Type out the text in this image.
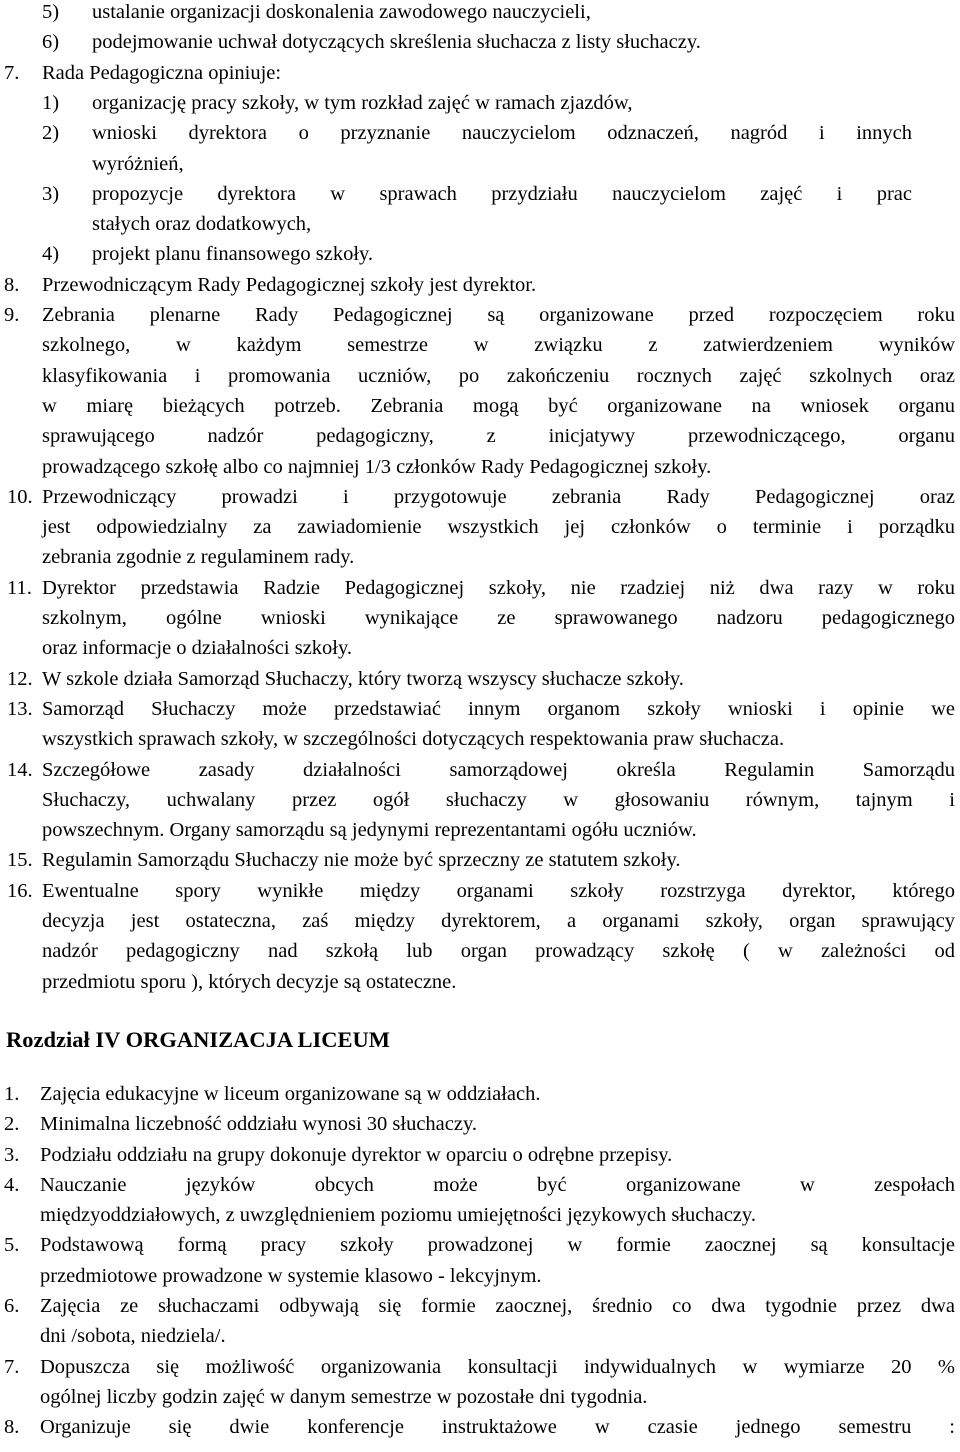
5) ustalanie organizacji doskonalenia zawodowego nauczycieli,
6) podejmowanie uchwał dotyczących skreślenia słuchacza z listy słuchaczy.
7. Rada Pedagogiczna opiniuje:
1) organizację pracy szkoły, w tym rozkład zajęć w ramach zjazdów,
2) wnioski dyrektora o przyznanie nauczycielom odznaczeń, nagród i innych
wyróżnień,
3) propozycje dyrektora w sprawach przydziału nauczycielom zajęć i prac
stałych oraz dodatkowych,
4) projekt planu finansowego szkoły.
8. Przewodniczącym Rady Pedagogicznej szkoły jest dyrektor.
9. Zebrania plenarne Rady Pedagogicznej są organizowane przed rozpoczęciem roku
szkolnego, w każdym semestrze w związku z zatwierdzeniem wyników
klasyfikowania i promowania uczniów, po zakończeniu rocznych zajęć szkolnych oraz
w miarę bieżących potrzeb. Zebrania mogą być organizowane na wniosek organu
sprawującego nadzór pedagogiczny, z inicjatywy przewodniczącego, organu
prowadzącego szkołę albo co najmniej 1/3 członków Rady Pedagogicznej szkoły.
10. Przewodniczący prowadzi i przygotowuje zebrania Rady Pedagogicznej oraz
jest odpowiedzialny za zawiadomienie wszystkich jej członków o terminie i porządku
zebrania zgodnie z regulaminem rady.
11. Dyrektor przedstawia Radzie Pedagogicznej szkoły, nie rzadziej niż dwa razy w roku
szkolnym, ogólne wnioski wynikające ze sprawowanego nadzoru pedagogicznego
oraz informacje o działalności szkoły.
12. W szkole działa Samorząd Słuchaczy, który tworzą wszyscy słuchacze szkoły.
13. Samorząd Słuchaczy może przedstawiać innym organom szkoły wnioski i opinie we
wszystkich sprawach szkoły, w szczególności dotyczących respektowania praw słuchacza.
14. Szczegółowe zasady działalności samorządowej określa Regulamin Samorządu
Słuchaczy, uchwalany przez ogół słuchaczy w głosowaniu równym, tajnym i
powszechnym. Organy samorządu są jedynymi reprezentantami ogółu uczniów.
15. Regulamin Samorządu Słuchaczy nie może być sprzeczny ze statutem szkoły.
16. Ewentualne spory wynikłe między organami szkoły rozstrzyga dyrektor, którego
decyzja jest ostateczna, zaś między dyrektorem, a organami szkoły, organ sprawujący
nadzór pedagogiczny nad szkołą lub organ prowadzący szkołę ( w zależności od
przedmiotu sporu ), których decyzje są ostateczne.
Rozdział IV ORGANIZACJA LICEUM
1. Zajęcia edukacyjne w liceum organizowane są w oddziałach.
2. Minimalna liczebność oddziału wynosi 30 słuchaczy.
3. Podziału oddziału na grupy dokonuje dyrektor w oparciu o odrębne przepisy.
4. Nauczanie języków obcych może być organizowane w zespołach
międzyoddziałowych, z uwzględnieniem poziomu umiejętności językowych słuchaczy.
5. Podstawową formą pracy szkoły prowadzonej w formie zaocznej są konsultacje
przedmiotowe prowadzone w systemie klasowo - lekcyjnym.
6. Zajęcia ze słuchaczami odbywają się formie zaocznej, średnio co dwa tygodnie przez dwa
dni /sobota, niedziela/.
7. Dopuszcza się możliwość organizowania konsultacji indywidualnych w wymiarze 20 %
ogólnej liczby godzin zajęć w danym semestrze w pozostałe dni tygodnia.
8. Organizuje się dwie konferencje instruktażowe w czasie jednego semestru :
